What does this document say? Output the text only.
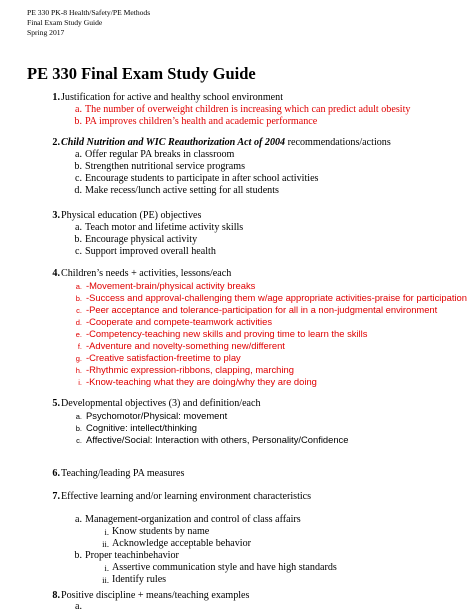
PE 330 PK-8 Health/Safety/PE Methods
Final Exam Study Guide
Spring 2017
PE 330 Final Exam Study Guide
1. Justification for active and healthy school environment
a. The number of overweight children is increasing which can predict adult obesity
b. PA improves children’s health and academic performance
2. Child Nutrition and WIC Reauthorization Act of 2004 recommendations/actions
a. Offer regular PA breaks in classroom
b. Strengthen nutritional service programs
c. Encourage students to participate in after school activities
d. Make recess/lunch active setting for all students
3. Physical education (PE) objectives
a. Teach motor and lifetime activity skills
b. Encourage physical activity
c. Support improved overall health
4. Children’s needs + activities, lessons/each
a. -Movement-brain/physical activity breaks
b. -Success and approval-challenging them w/age appropriate activities-praise for participation
c. -Peer acceptance and tolerance-participation for all in a non-judgmental environment
d. -Cooperate and compete-teamwork activities
e. -Competency-teaching new skills and proving time to learn the skills
f. -Adventure and novelty-something new/different
g. -Creative satisfaction-freetime to play
h. -Rhythmic expression-ribbons, clapping, marching
i. -Know-teaching what they are doing/why they are doing
5. Developmental objectives (3) and definition/each
a. Psychomotor/Physical: movement
b. Cognitive: intellect/thinking
c. Affective/Social: Interaction with others, Personality/Confidence
6. Teaching/leading PA measures
7. Effective learning and/or learning environment characteristics
a. Management-organization and control of class affairs
i. Know students by name
ii. Acknowledge acceptable behavior
b. Proper teachinbehavior
i. Assertive communication style and have high standards
ii. Identify rules
8. Positive discipline + means/teaching examples
a.
